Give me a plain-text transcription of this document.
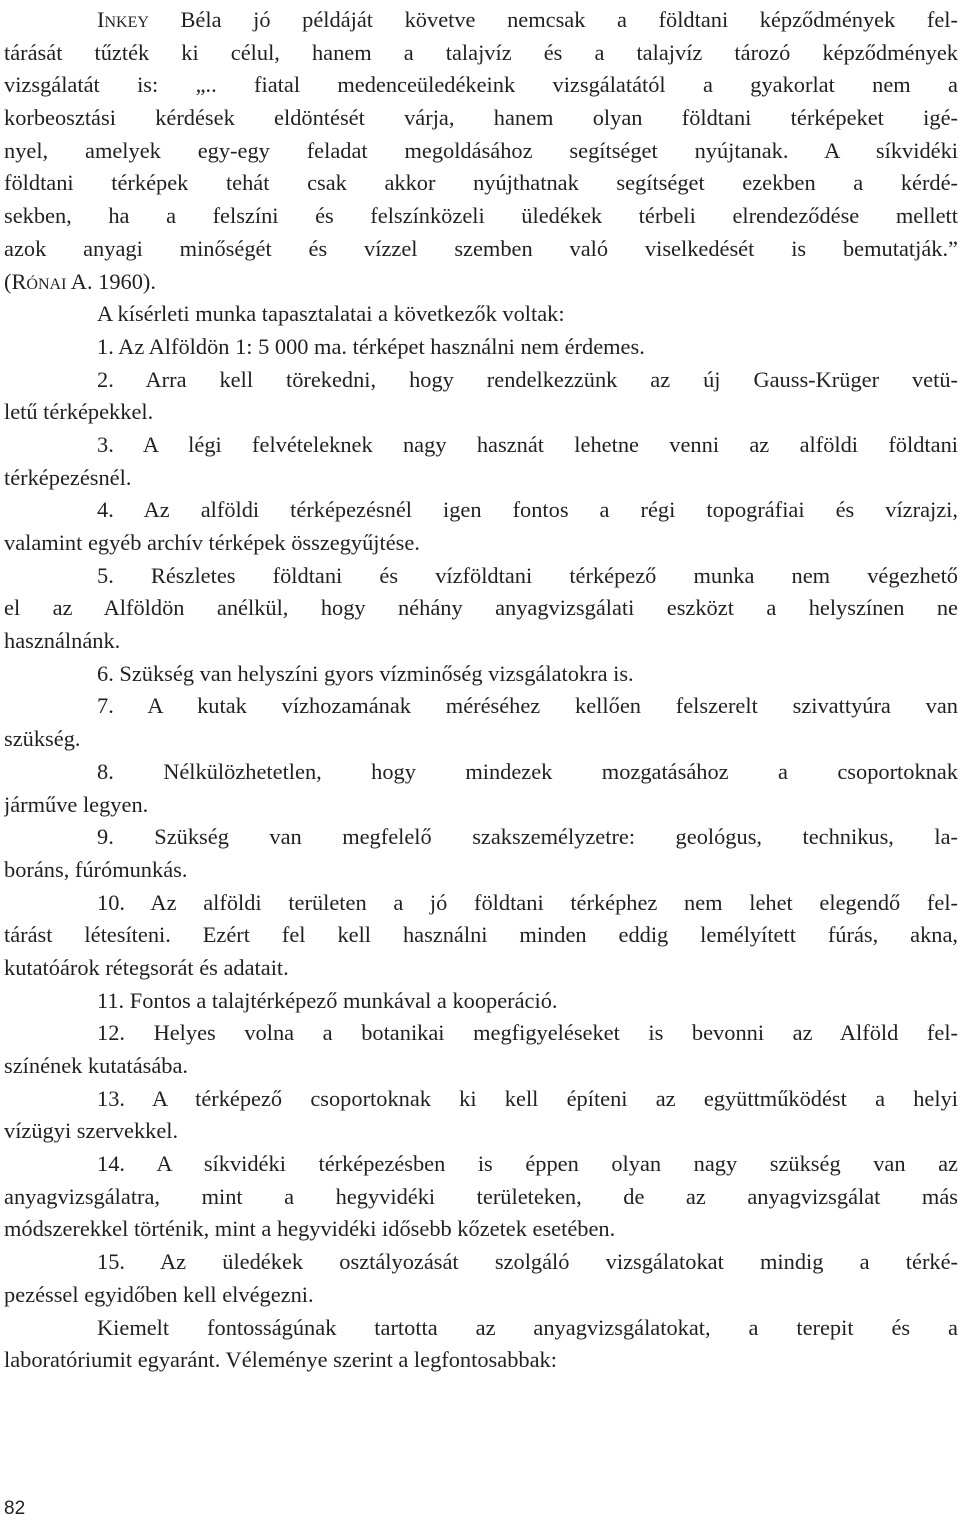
Inkey Béla jó példáját követve nemcsak a földtani képződmények fel-
tárását tűzték ki célul, hanem a talajvíz és a talajvíz tározó képződmények
vizsgálatát is: „.. fiatal medenceüledékeink vizsgálatától a gyakorlat nem a
korbeosztási kérdések eldöntését várja, hanem olyan földtani térképeket igé-
nyel, amelyek egy-egy feladat megoldásához segítséget nyújtanak. A síkvidéki
földtani térképek tehát csak akkor nyújthatnak segítséget ezekben a kérdé-
sekben, ha a felszíni és felszínközeli üledékek térbeli elrendeződése mellett
azok anyagi minőségét és vízzel szemben való viselkedését is bemutatják.”
(Rónai A. 1960).
A kísérleti munka tapasztalatai a következők voltak:
1. Az Alföldön 1: 5 000 ma. térképet használni nem érdemes.
2. Arra kell törekedni, hogy rendelkezzünk az új Gauss-Krüger vetü-
letű térképekkel.
3. A légi felvételeknek nagy hasznát lehetne venni az alföldi földtani
térképezésnél.
4. Az alföldi térképezésnél igen fontos a régi topográfiai és vízrajzi,
valamint egyéb archív térképek összegyűjtése.
5. Részletes földtani és vízföldtani térképező munka nem végezhető
el az Alföldön anélkül, hogy néhány anyagvizsgálati eszközt a helyszínen ne
használnánk.
6. Szükség van helyszíni gyors vízminőség vizsgálatokra is.
7. A kutak vízhozamának méréséhez kellően felszerelt szivattyúra van
szükség.
8. Nélkülözhetetlen, hogy mindezek mozgatásához a csoportoknak
járműve legyen.
9. Szükség van megfelelő szakszemélyzetre: geológus, technikus, la-
boráns, fúrómunkás.
10. Az alföldi területen a jó földtani térképhez nem lehet elegendő fel-
tárást létesíteni. Ezért fel kell használni minden eddig lemélyített fúrás, akna,
kutatóárok rétegsorát és adatait.
11. Fontos a talajtérképező munkával a kooperáció.
12. Helyes volna a botanikai megfigyeléseket is bevonni az Alföld fel-
színének kutatásába.
13. A térképező csoportoknak ki kell építeni az együttműködést a helyi
vízügyi szervekkel.
14. A síkvidéki térképezésben is éppen olyan nagy szükség van az
anyagvizsgálatra, mint a hegyvidéki területeken, de az anyagvizsgálat más
módszerekkel történik, mint a hegyvidéki idősebb kőzetek esetében.
15. Az üledékek osztályozását szolgáló vizsgálatokat mindig a térké-
pezéssel egyidőben kell elvégezni.
Kiemelt fontosságúnak tartotta az anyagvizsgálatokat, a terepit és a
laboratóriumit egyaránt. Véleménye szerint a legfontosabbak:
82
